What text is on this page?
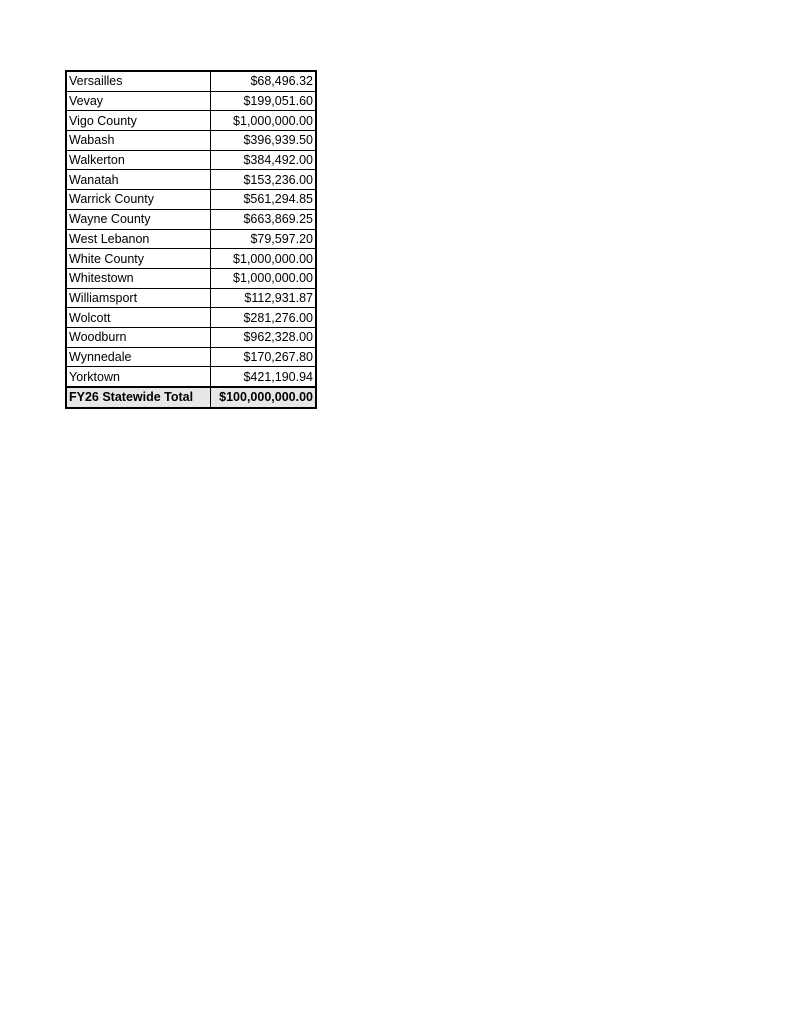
Versailles	$68,496.32
Vevay	$199,051.60
Vigo County	$1,000,000.00
Wabash	$396,939.50
Walkerton	$384,492.00
Wanatah	$153,236.00
Warrick County	$561,294.85
Wayne County	$663,869.25
West Lebanon	$79,597.20
White County	$1,000,000.00
Whitestown	$1,000,000.00
Williamsport	$112,931.87
Wolcott	$281,276.00
Woodburn	$962,328.00
Wynnedale	$170,267.80
Yorktown	$421,190.94
FY26 Statewide Total	$100,000,000.00
